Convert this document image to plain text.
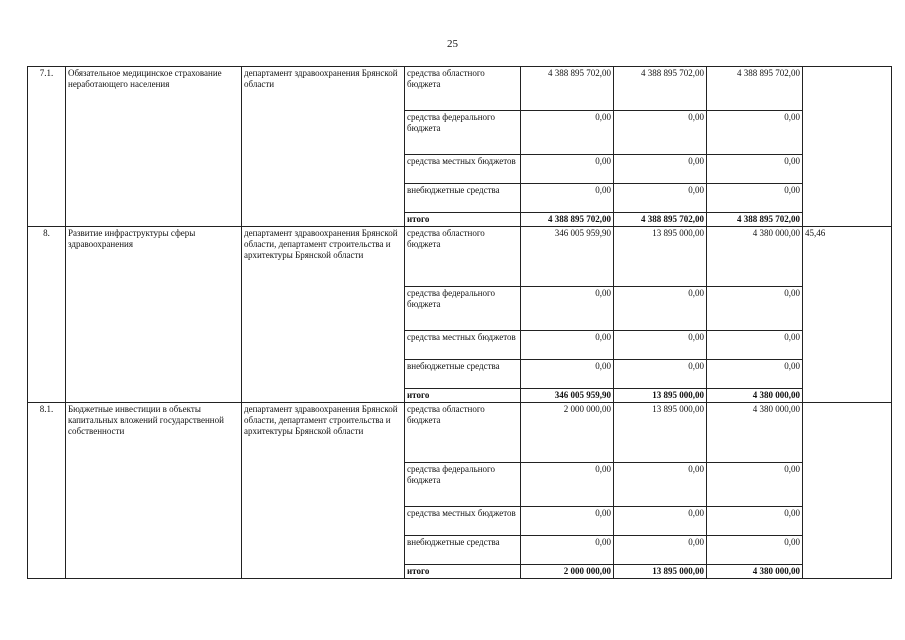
25
7.1.	Обязательное медицинское страхование неработающего населения	департамент здравоохранения Брянской области	средства областного бюджета	4 388 895 702,00	4 388 895 702,00	4 388 895 702,00	
			средства федерального бюджета	0,00	0,00	0,00	
			средства местных бюджетов	0,00	0,00	0,00	
			внебюджетные средства	0,00	0,00	0,00	
			итого	4 388 895 702,00	4 388 895 702,00	4 388 895 702,00	
8.	Развитие инфраструктуры сферы здравоохранения	департамент здравоохранения Брянской области, департамент строительства и архитектуры Брянской области	средства областного бюджета	346 005 959,90	13 895 000,00	4 380 000,00	45,46
			средства федерального бюджета	0,00	0,00	0,00	
			средства местных бюджетов	0,00	0,00	0,00	
			внебюджетные средства	0,00	0,00	0,00	
			итого	346 005 959,90	13 895 000,00	4 380 000,00	
8.1.	Бюджетные инвестиции в объекты капитальных вложений государственной собственности	департамент здравоохранения Брянской области, департамент строительства и архитектуры Брянской области	средства областного бюджета	2 000 000,00	13 895 000,00	4 380 000,00	
			средства федерального бюджета	0,00	0,00	0,00	
			средства местных бюджетов	0,00	0,00	0,00	
			внебюджетные средства	0,00	0,00	0,00	
			итого	2 000 000,00	13 895 000,00	4 380 000,00	
